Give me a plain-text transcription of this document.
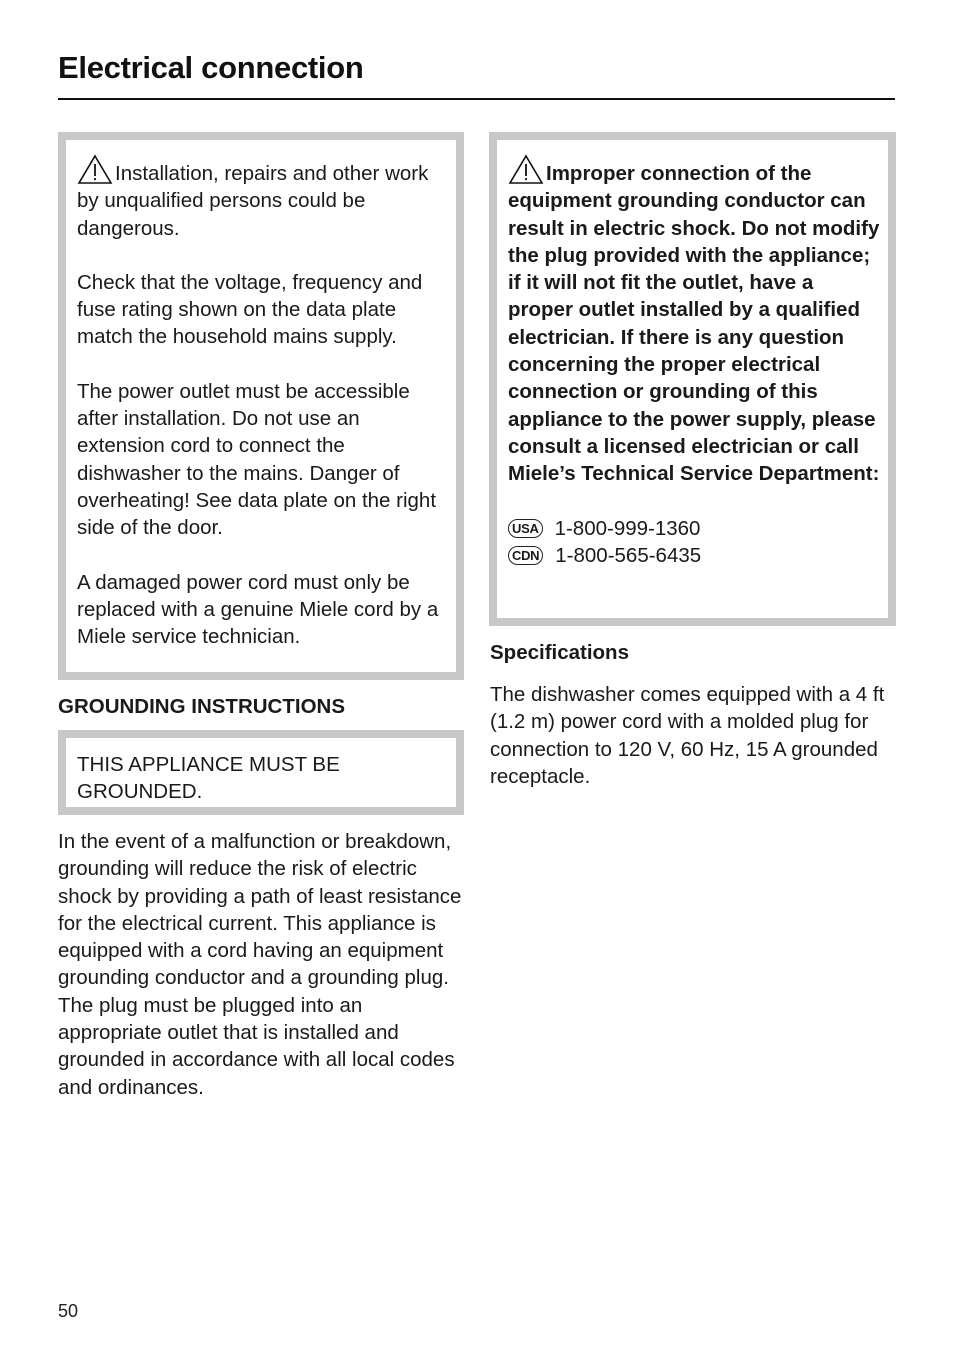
Electrical connection

Installation, repairs and other work by unqualified persons could be dangerous.

Check that the voltage, frequency and fuse rating shown on the data plate match the household mains supply.

The power outlet must be accessible after installation. Do not use an extension cord to connect the dishwasher to the mains. Danger of overheating! See data plate on the right side of the door.

A damaged power cord must only be replaced with a genuine Miele cord by a Miele service technician.

GROUNDING INSTRUCTIONS

THIS APPLIANCE MUST BE GROUNDED.

In the event of a malfunction or breakdown, grounding will reduce the risk of electric shock by providing a path of least resistance for the electrical current. This appliance is equipped with a cord having an equipment grounding conductor and a grounding plug. The plug must be plugged into an appropriate outlet that is installed and grounded in accordance with all local codes and ordinances.

Improper connection of the equipment grounding conductor can result in electric shock. Do not modify the plug provided with the appliance; if it will not fit the outlet, have a proper outlet installed by a qualified electrician. If there is any question concerning the proper electrical connection or grounding of this appliance to the power supply, please consult a licensed electrician or call Miele’s Technical Service Department:

USA 1-800-999-1360
CDN 1-800-565-6435
Specifications
The dishwasher comes equipped with a 4 ft (1.2 m) power cord with a molded plug for connection to 120 V, 60 Hz, 15 A grounded receptacle.
50
